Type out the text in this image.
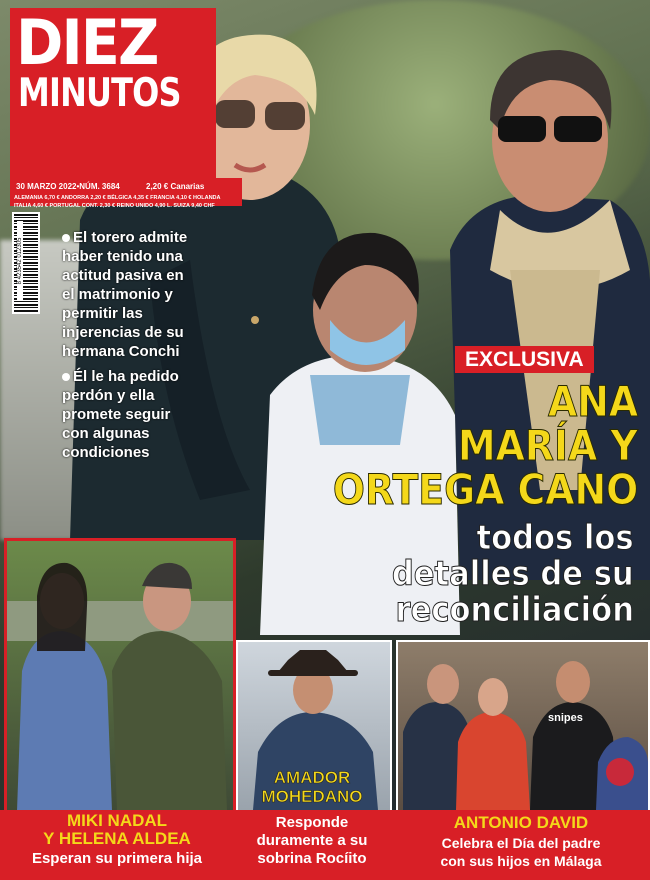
DIEZ
MINUTOS
30 MARZO 2022•NÚM. 3684	2,20 € Canarias
ALEMANIA 6,70 € ANDORRA 2,20 € BÉLGICA 4,35 € FRANCIA 4,10 € HOLANDA
ITALIA 4,60 € PORTUGAL CONT. 2,30 € REINO UNIDO 4,90 L. SUIZA 9,40 CHF
8 423542 012305
El torero admite haber tenido una actitud pasiva en el matrimonio y permitir las injerencias de su hermana Conchi
Él le ha pedido perdón y ella promete seguir con algunas condiciones
EXCLUSIVA
ANA
MARÍA Y
ORTEGA CANO
todos los
detalles de su
reconciliación
AMADOR
MOHEDANO
snipes
MIKI NADAL
Y HELENA ALDEA
Esperan su primera hija
Responde
duramente a su
sobrina Rocíito
ANTONIO DAVID
Celebra el Día del padre
con sus hijos en Málaga
